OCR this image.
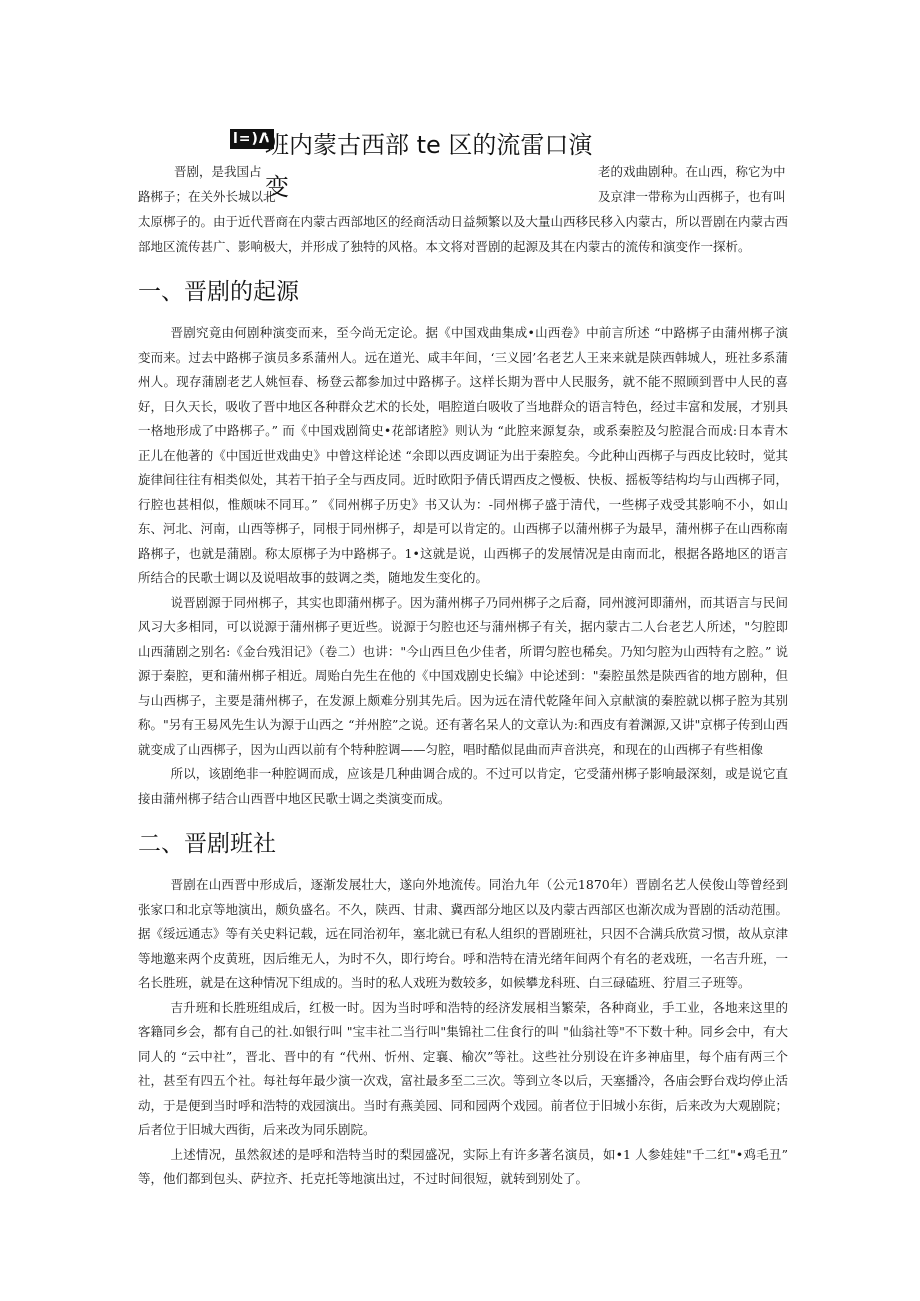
l=)Λ
班内蒙古西部 te 区的流雷口演
变
晋剧，是我国占	老的戏曲剧种。在山西，称它为中
路梆子；在关外长城以北	及京津一带称为山西梆子，也有叫

太原梆子的。由于近代晋商在内蒙古西部地区的经商活动日益频繁以及大量山西移民移入内蒙古，所以晋剧在内蒙古西部地区流传甚广、影响极大，并形成了独特的风格。本文将对晋剧的起源及其在内蒙古的流传和演变作一探析。

一、晋剧的起源

晋剧究竟由何剧种演变而来，至今尚无定论。据《中国戏曲集成•山西卷》中前言所述 “中路梆子由蒲州梆子演变而来。过去中路梆子演员多系蒲州人。远在道光、咸丰年间，‘三义园’名老艺人王来来就是陕西韩城人，班社多系蒲州人。现存蒲剧老艺人姚恒春、杨登云都参加过中路梆子。这样长期为晋中人民服务，就不能不照顾到晋中人民的喜好，日久天长，吸收了晋中地区各种群众艺术的长处，唱腔道白吸收了当地群众的语言特色，经过丰富和发展，才别具一格地形成了中路梆子。” 而《中国戏剧简史•花部诸腔》则认为 “此腔来源复杂，或系秦腔及匀腔混合而成:日本青木正儿在他著的《中国近世戏曲史》中曾这样论述 “余即以西皮调证为出于秦腔矣。今此种山西梆子与西皮比较时，觉其旋律间往往有相类似处，其若干拍子全与西皮同。近时欧阳予倩氏谓西皮之慢板、快板、摇板等结构均与山西梆子同，行腔也甚相似，惟颇味不同耳。” 《同州梆子历史》书又认为：-同州梆子盛于清代，一些梆子戏受其影响不小，如山东、河北、河南，山西等梆子，同根于同州梆子，却是可以肯定的。山西梆子以蒲州梆子为最早，蒲州梆子在山西称南路梆子，也就是蒲剧。称太原梆子为中路梆子。1•这就是说，山西梆子的发展情况是由南而北，根据各路地区的语言所结合的民歌士调以及说唱故事的鼓调之类，随地发生变化的。

说晋剧源于同州梆子，其实也即蒲州梆子。因为蒲州梆子乃同州梆子之后裔，同州渡河即蒲州，而其语言与民间风习大多相同，可以说源于蒲州梆子更近些。说源于匀腔也还与蒲州梆子有关，据内蒙古二人台老艺人所述，"匀腔即山西蒲剧之别名:《金台残泪记》（卷二）也讲："今山西旦色少佳者，所谓匀腔也稀矣。乃知匀腔为山西特有之腔。” 说源于秦腔，更和蒲州梆子相近。周贻白先生在他的《中国戏剧史长编》中论述到："秦腔虽然是陕西省的地方剧种，但与山西梆子，主要是蒲州梆子，在发源上颇难分别其先后。因为远在清代乾隆年间入京献演的秦腔就以梆子腔为其别称。"另有王易风先生认为源于山西之 “并州腔”之说。还有著名呆人的文章认为:和西皮有着渊源,又讲"京梆子传到山西就变成了山西梆子，因为山西以前有个特种腔调——匀腔，唱时酷似昆曲而声音洪亮，和现在的山西梆子有些相像

所以，该剧绝非一种腔调而成，应该是几种曲调合成的。不过可以肯定，它受蒲州梆子影响最深刻，或是说它直接由蒲州梆子结合山西晋中地区民歌士调之类演变而成。

二、晋剧班社

晋剧在山西晋中形成后，逐渐发展壮大，遂向外地流传。同治九年（公元1870年）晋剧名艺人侯俊山等曾经到张家口和北京等地演出，颇负盛名。不久，陕西、甘肃、冀西部分地区以及内蒙古西部区也渐次成为晋剧的活动范围。据《绥远通志》等有关史料记载，远在同治初年，塞北就已有私人组织的晋剧班社，只因不合满兵欣赏习惯，故从京津等地邀来两个皮黄班，因后维无人，为时不久，即行垮台。呼和浩特在清光绪年间两个有名的老戏班，一名吉升班，一名长胜班，就是在这种情况下组成的。当时的私人戏班为数较多，如候攀龙科班、白三碌磕班、狞眉三子班等。

吉升班和长胜班组成后，红极一时。因为当时呼和浩特的经济发展相当繁荣，各种商业，手工业，各地来这里的客籍同乡会，都有自己的社.如银行叫 "宝丰社二当行叫"集锦社二住食行的叫 "仙翁社等"不下数十种。同乡会中，有大同人的 “云中社”，晋北、晋中的有 “代州、忻州、定襄、榆次”等社。这些社分别设在许多神庙里，每个庙有两三个社，甚至有四五个社。每社每年最少演一次戏，富社最多至二三次。等到立冬以后，天塞播冷，各庙会野台戏均停止活动，于是便到当时呼和浩特的戏园演出。当时有燕美园、同和园两个戏园。前者位于旧城小东街，后来改为大观剧院；后者位于旧城大西街，后来改为同乐剧院。

上述情况，虽然叙述的是呼和浩特当时的梨园盛况，实际上有许多著名演员，如•1 人参娃娃"千二红"•鸡毛丑” 等，他们都到包头、萨拉齐、托克托等地演出过，不过时间很短，就转到别处了。
